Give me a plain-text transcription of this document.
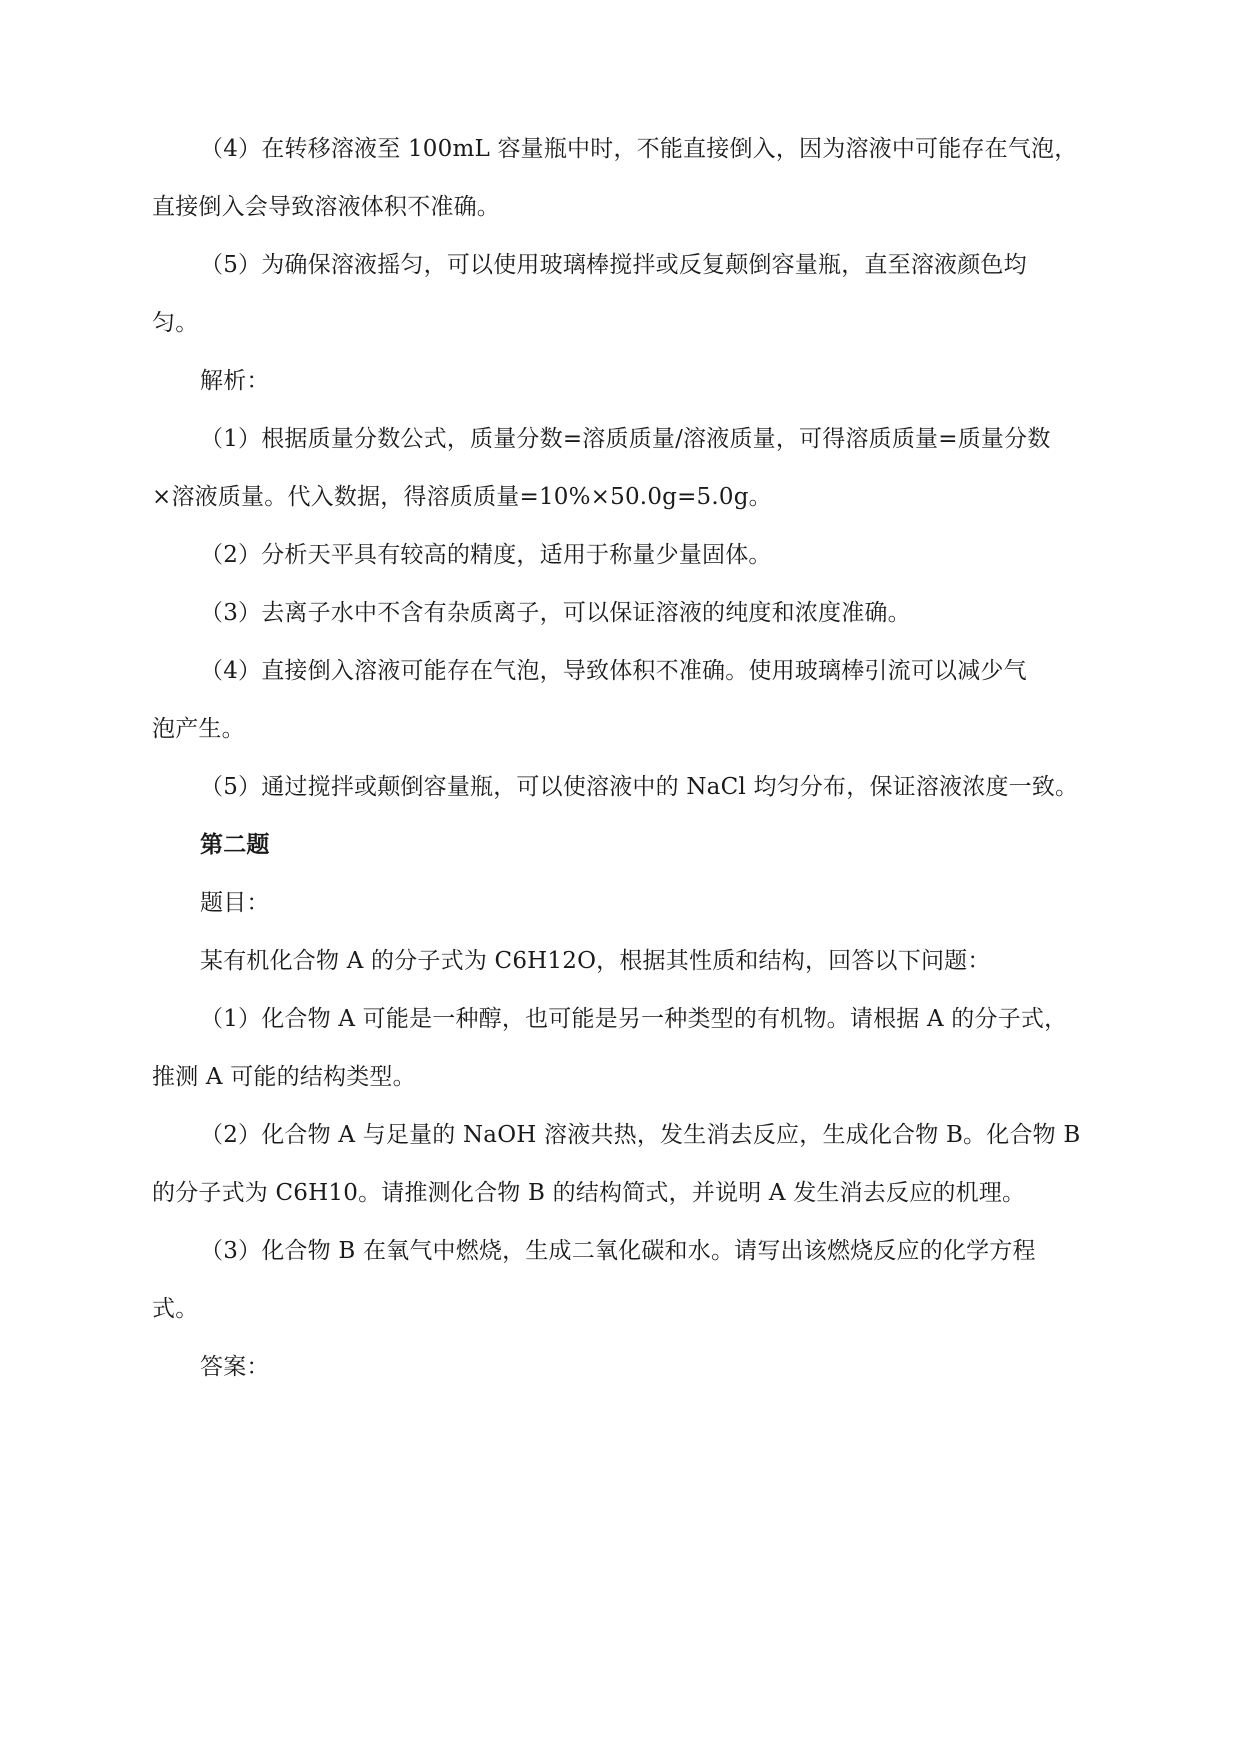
（4）在转移溶液至 100mL 容量瓶中时，不能直接倒入，因为溶液中可能存在气泡，
直接倒入会导致溶液体积不准确。
（5）为确保溶液摇匀，可以使用玻璃棒搅拌或反复颠倒容量瓶，直至溶液颜色均
匀。
解析：
（1）根据质量分数公式，质量分数=溶质质量/溶液质量，可得溶质质量=质量分数
×溶液质量。代入数据，得溶质质量=10%×50.0g=5.0g。
（2）分析天平具有较高的精度，适用于称量少量固体。
（3）去离子水中不含有杂质离子，可以保证溶液的纯度和浓度准确。
（4）直接倒入溶液可能存在气泡，导致体积不准确。使用玻璃棒引流可以减少气
泡产生。
（5）通过搅拌或颠倒容量瓶，可以使溶液中的 NaCl 均匀分布，保证溶液浓度一致。
第二题
题目：
某有机化合物 A 的分子式为 C6H12O，根据其性质和结构，回答以下问题：
（1）化合物 A 可能是一种醇，也可能是另一种类型的有机物。请根据 A 的分子式，
推测 A 可能的结构类型。
（2）化合物 A 与足量的 NaOH 溶液共热，发生消去反应，生成化合物 B。化合物 B
的分子式为 C6H10。请推测化合物 B 的结构简式，并说明 A 发生消去反应的机理。
（3）化合物 B 在氧气中燃烧，生成二氧化碳和水。请写出该燃烧反应的化学方程
式。
答案：
